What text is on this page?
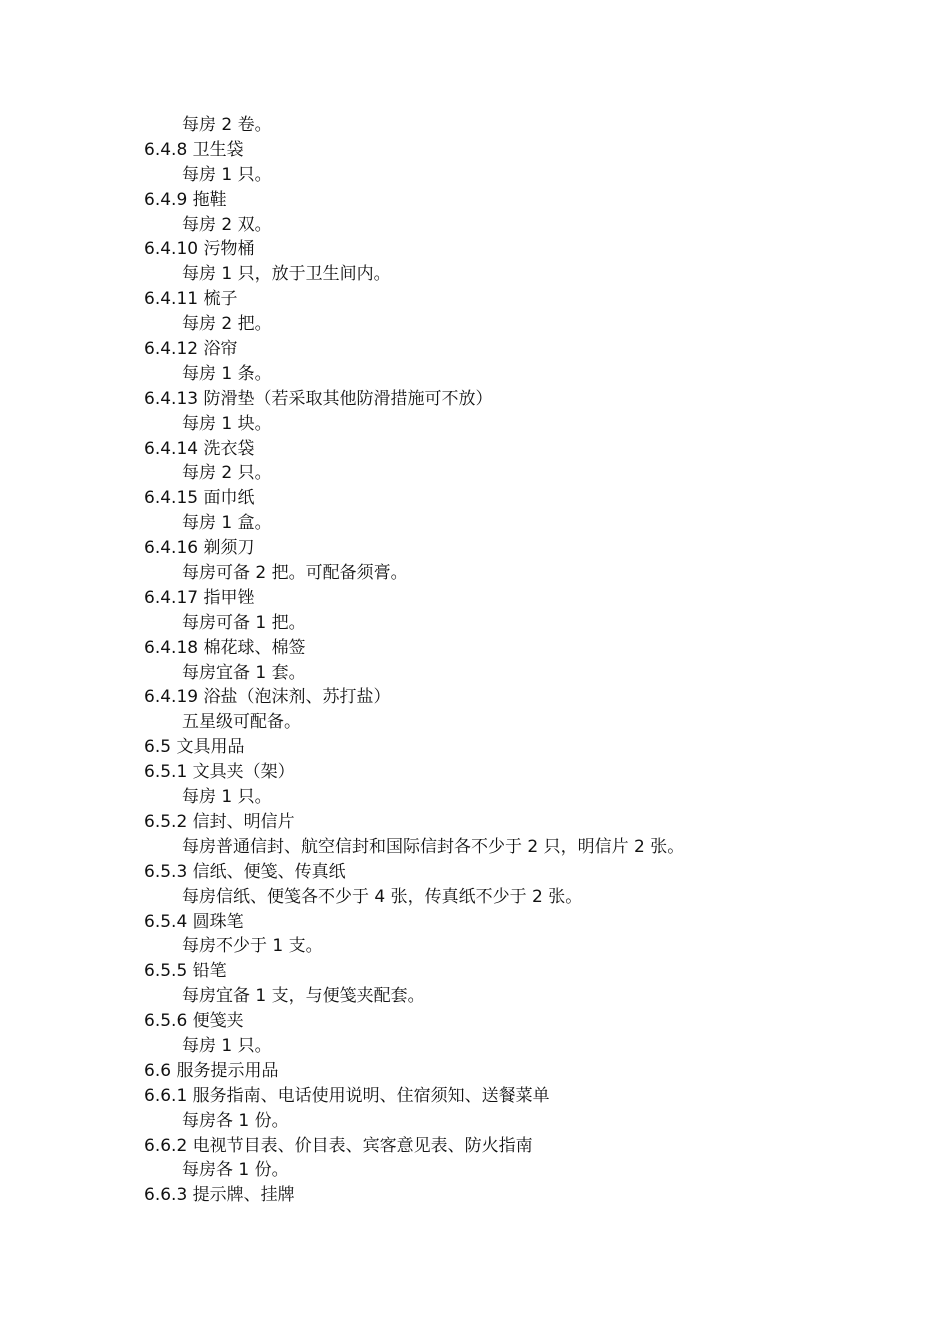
每房 2 卷。
6.4.8 卫生袋
每房 1 只。
6.4.9 拖鞋
每房 2 双。
6.4.10 污物桶
每房 1 只，放于卫生间内。
6.4.11 梳子
每房 2 把。
6.4.12 浴帘
每房 1 条。
6.4.13 防滑垫（若采取其他防滑措施可不放）
每房 1 块。
6.4.14 洗衣袋
每房 2 只。
6.4.15 面巾纸
每房 1 盒。
6.4.16 剃须刀
每房可备 2 把。可配备须膏。
6.4.17 指甲锉
每房可备 1 把。
6.4.18 棉花球、棉签
每房宜备 1 套。
6.4.19 浴盐（泡沫剂、苏打盐）
五星级可配备。
6.5 文具用品
6.5.1 文具夹（架）
每房 1 只。
6.5.2 信封、明信片
每房普通信封、航空信封和国际信封各不少于 2 只，明信片 2 张。
6.5.3 信纸、便笺、传真纸
每房信纸、便笺各不少于 4 张，传真纸不少于 2 张。
6.5.4 圆珠笔
每房不少于 1 支。
6.5.5 铅笔
每房宜备 1 支，与便笺夹配套。
6.5.6 便笺夹
每房 1 只。
6.6 服务提示用品
6.6.1 服务指南、电话使用说明、住宿须知、送餐菜单
每房各 1 份。
6.6.2 电视节目表、价目表、宾客意见表、防火指南
每房各 1 份。
6.6.3 提示牌、挂牌
